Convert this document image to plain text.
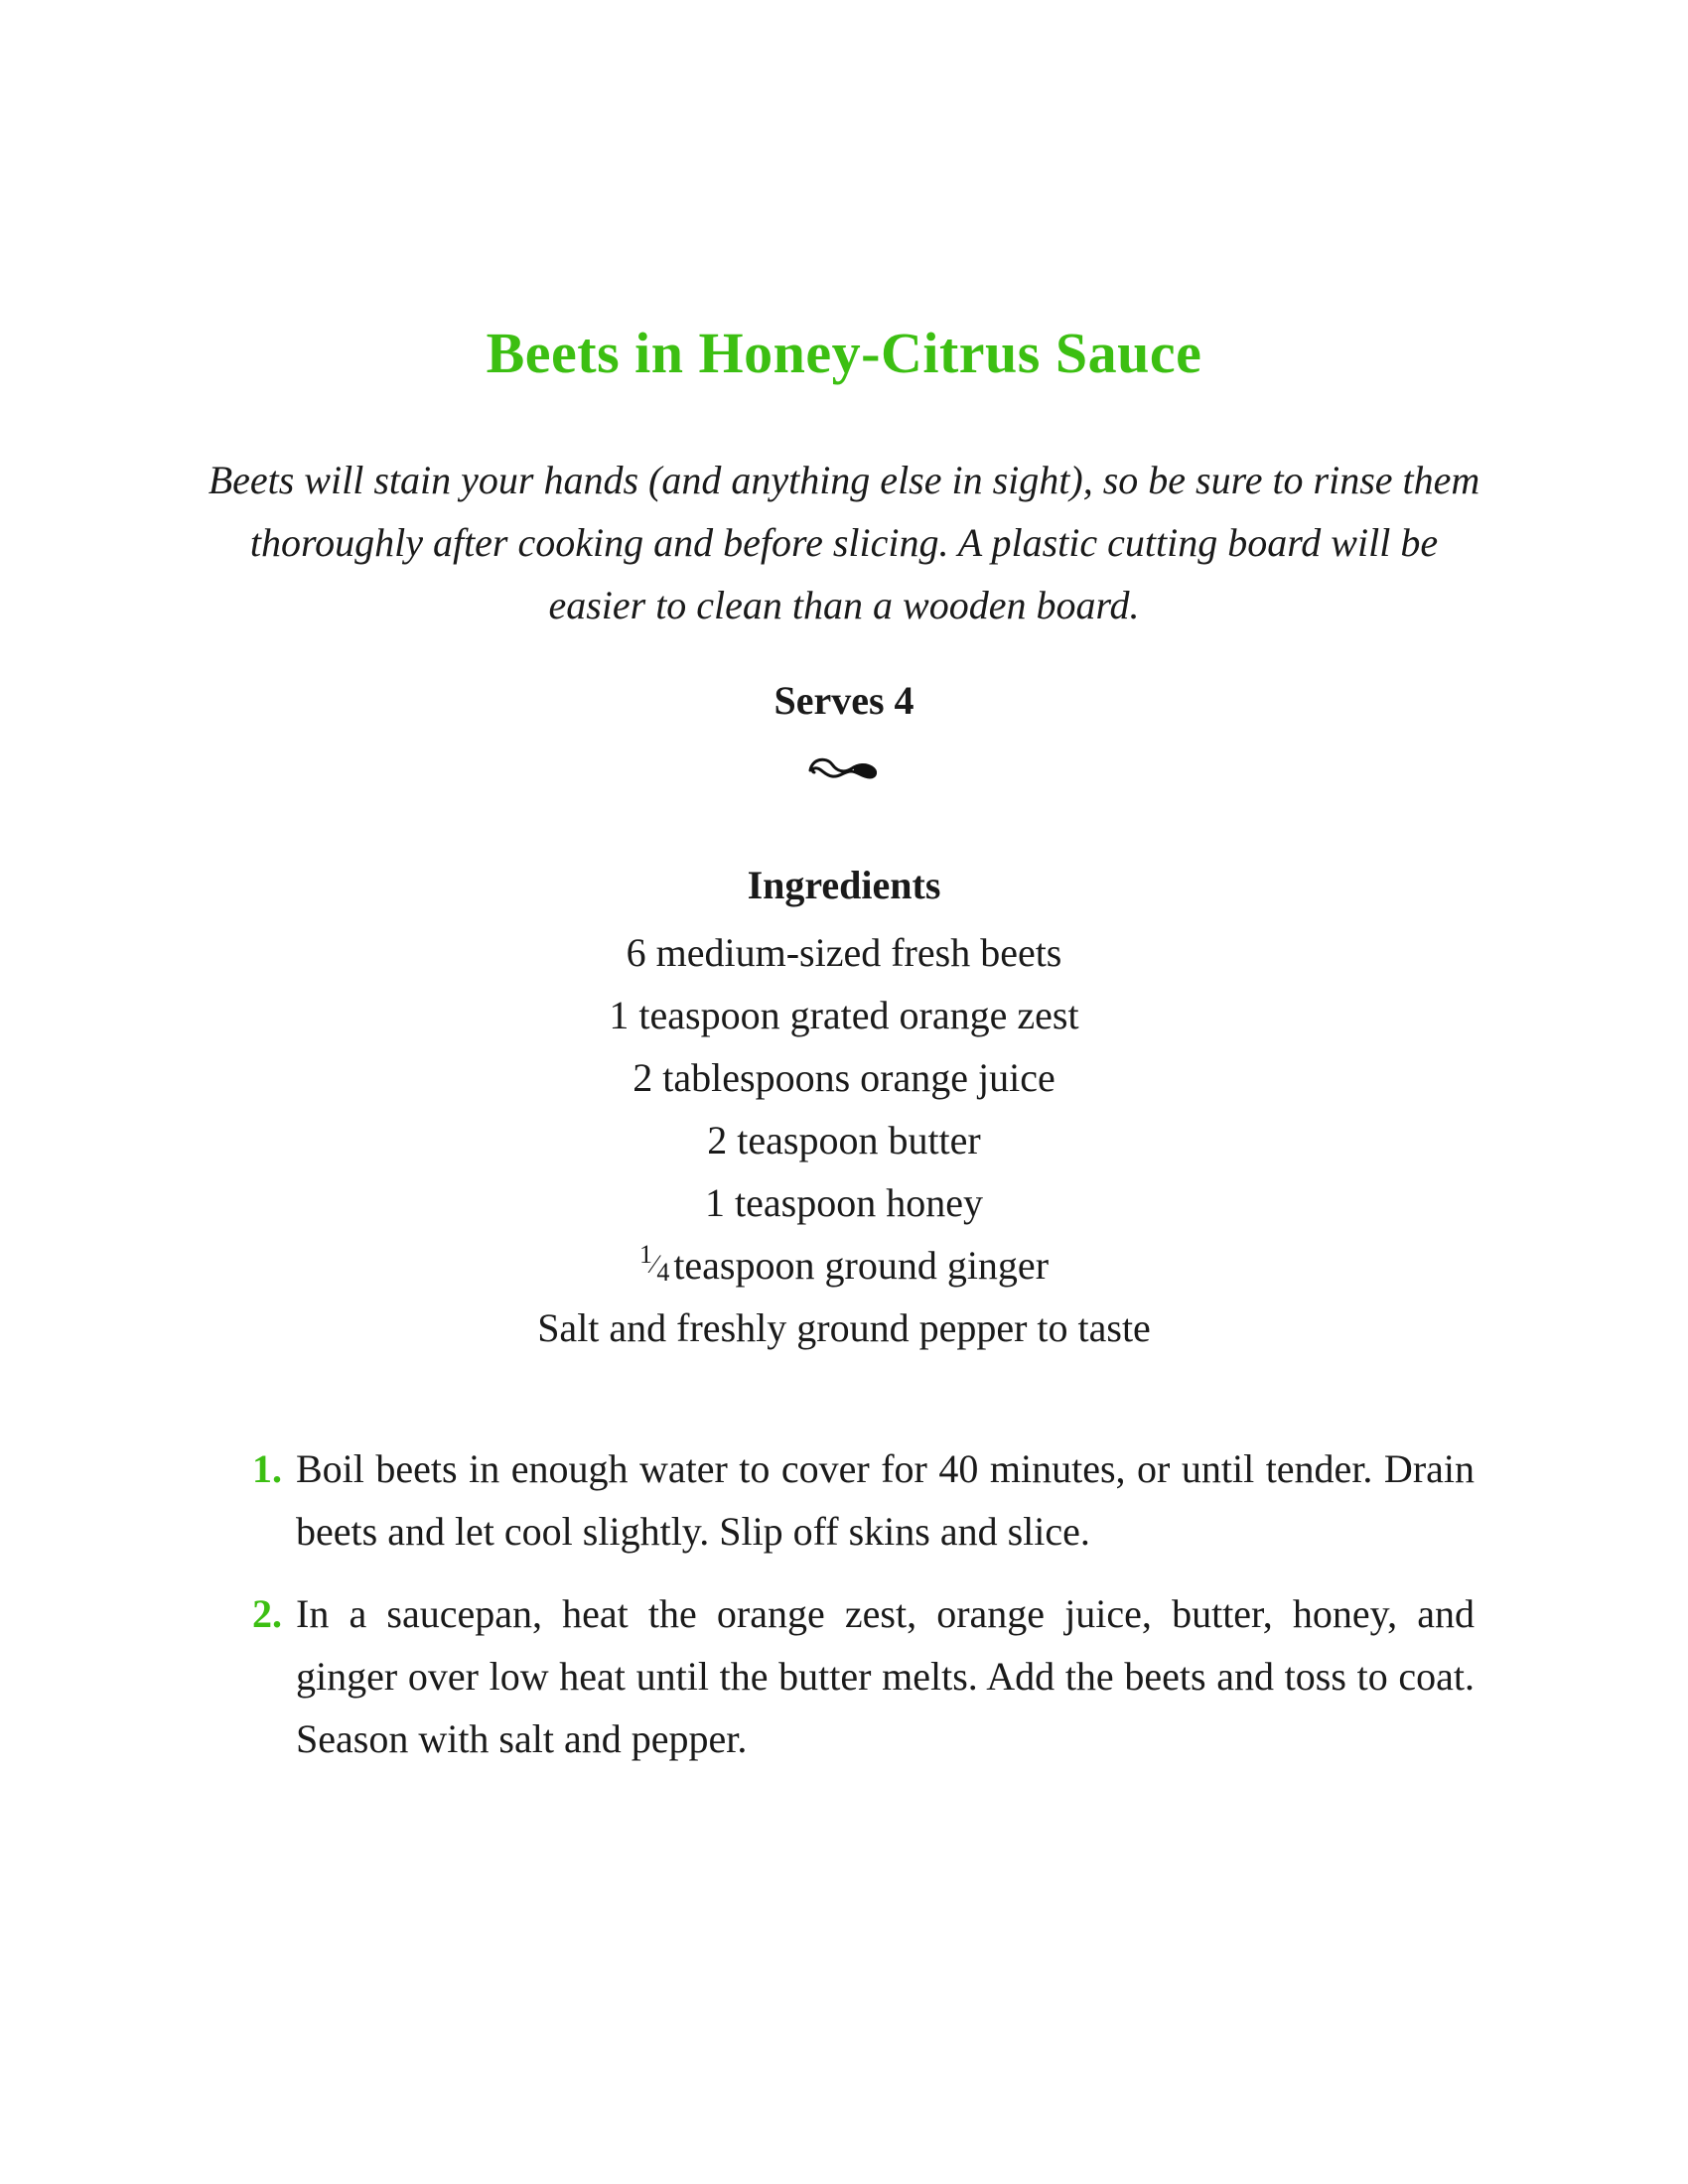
Beets in Honey-Citrus Sauce

Beets will stain your hands (and anything else in sight), so be sure to rinse them thoroughly after cooking and before slicing. A plastic cutting board will be easier to clean than a wooden board.

Serves 4

Ingredients
6 medium-sized fresh beets
1 teaspoon grated orange zest
2 tablespoons orange juice
2 teaspoon butter
1 teaspoon honey
1⁄4 teaspoon ground ginger
Salt and freshly ground pepper to taste
1. Boil beets in enough water to cover for 40 minutes, or until tender. Drain beets and let cool slightly. Slip off skins and slice.
2. In a saucepan, heat the orange zest, orange juice, butter, honey, and ginger over low heat until the butter melts. Add the beets and toss to coat. Season with salt and pepper.
